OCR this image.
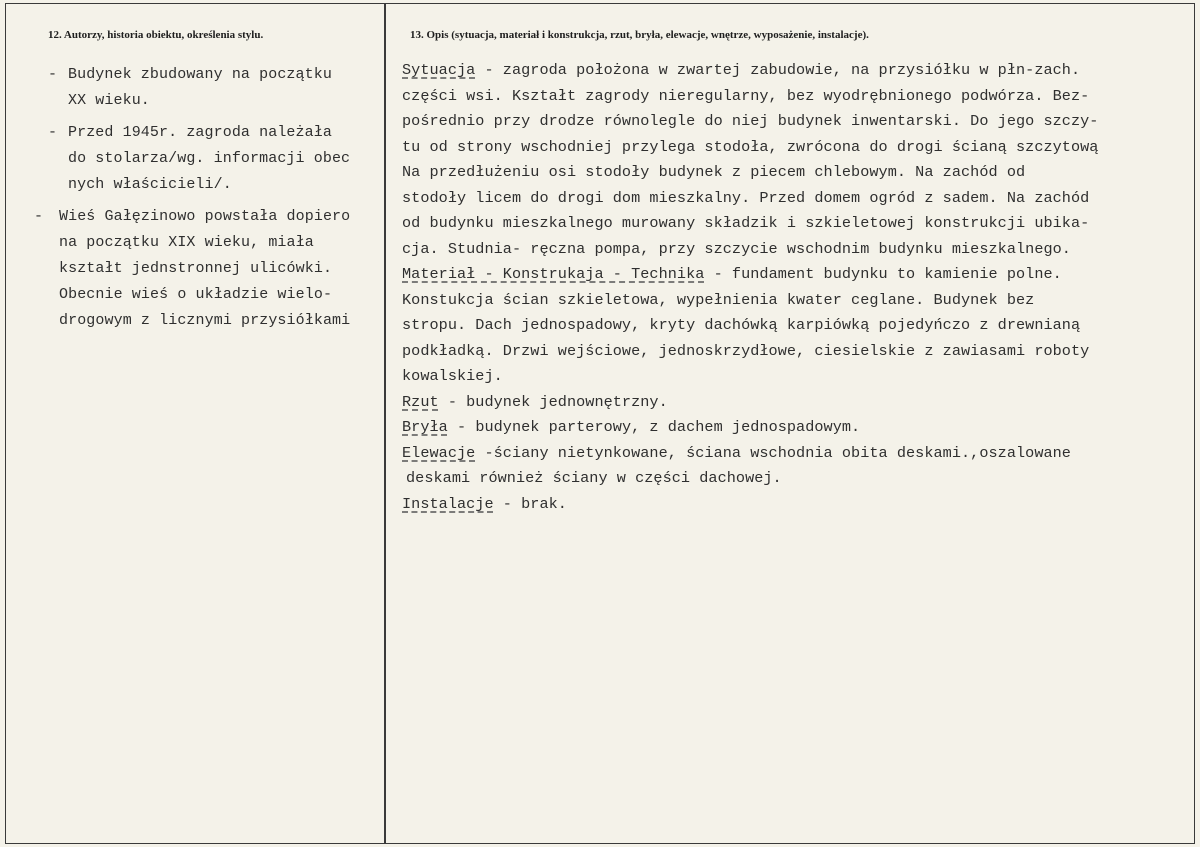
12. Autorzy, historia obiektu, określenia stylu.	13. Opis (sytuacja, materiał i konstrukcja, rzut, bryła, elewacje, wnętrze, wyposażenie, instalacje).
- Budynek zbudowany na początku
XX wieku.
- Przed 1945r. zagroda należała
do stolarza/wg. informacji obec
nych właścicieli/.
- Wieś Gałęzinowo powstała dopiero
na początku XIX wieku, miała
kształt jednstronnej ulicówki.
Obecnie wieś o układzie wielo-
drogowym z licznymi przysiółkami

Sytuacja - zagroda położona w zwartej zabudowie, na przysiółku w płn-zach.

części wsi. Kształt zagrody nieregularny, bez wyodrębnionego podwórza. Bez-

pośrednio przy drodze równolegle do niej budynek inwentarski. Do jego szczy-

tu od strony wschodniej przylega stodoła, zwrócona do drogi ścianą szczytową

Na przedłużeniu osi stodoły budynek z piecem chlebowym. Na zachód od

stodoły licem do drogi dom mieszkalny. Przed domem ogród z sadem. Na zachód

od budynku mieszkalnego murowany składzik i szkieletowej konstrukcji ubika-

cja. Studnia- ręczna pompa, przy szczycie wschodnim budynku mieszkalnego.

Materiał - Konstrukaja - Technika - fundament budynku to kamienie polne.

Konstukcja ścian szkieletowa, wypełnienia kwater ceglane. Budynek bez

stropu. Dach jednospadowy, kryty dachówką karpiówką pojedyńczo z drewnianą

podkładką. Drzwi wejściowe, jednoskrzydłowe, ciesielskie z zawiasami roboty

kowalskiej.

Rzut - budynek jednownętrzny.

Bryła - budynek parterowy, z dachem jednospadowym.

Elewacje -ściany nietynkowane, ściana wschodnia obita deskami.,oszalowane

deskami również ściany w części dachowej.

Instalacje - brak.
